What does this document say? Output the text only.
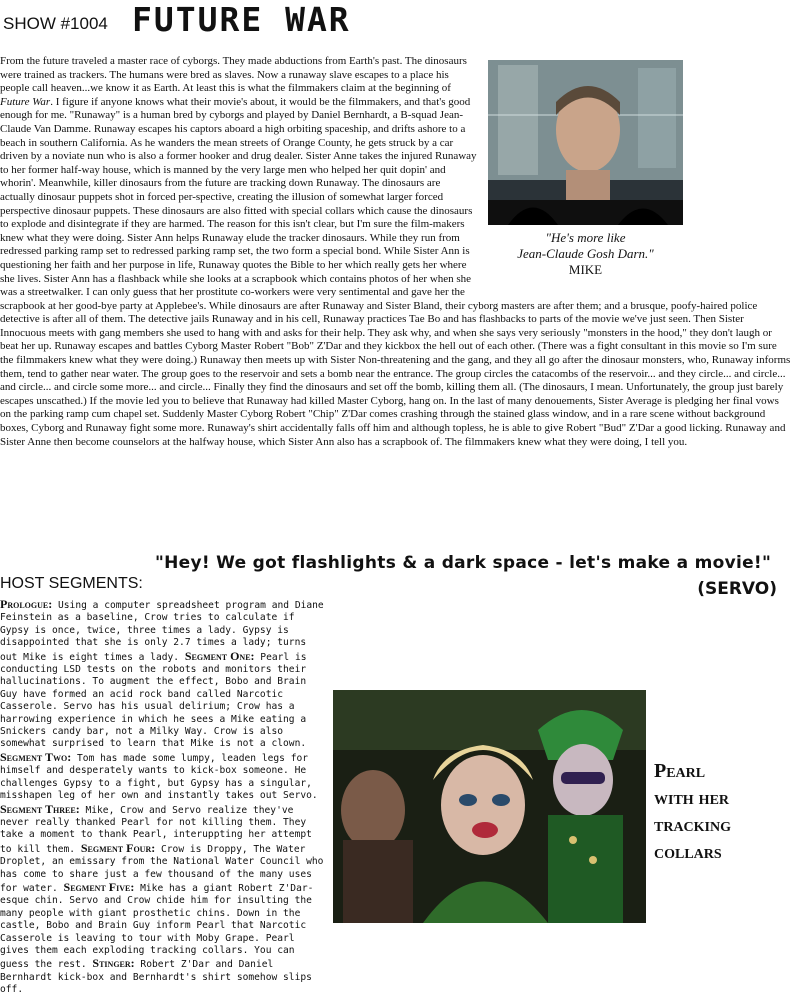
SHOW #1004 FUTURE WAR
From the future traveled a master race of cyborgs. They made abductions from Earth's past. The dinosaurs were trained as trackers. The humans were bred as slaves. Now a runaway slave escapes to a place his people call heaven...we know it as Earth. At least this is what the filmmakers claim at the beginning of Future War. I figure if anyone knows what their movie's about, it would be the filmmakers, and that's good enough for me. "Runaway" is a human bred by cyborgs and played by Daniel Bernhardt, a B-squad Jean-Claude Van Damme. Runaway escapes his captors aboard a high orbiting spaceship, and drifts ashore to a beach in southern California. As he wanders the mean streets of Orange County, he gets struck by a car driven by a noviate nun who is also a former hooker and drug dealer. Sister Anne takes the injured Runaway to her former half-way house, which is manned by the very large men who helped her quit dopin' and whorin'. Meanwhile, killer dinosaurs from the future are tracking down Runaway. The dinosaurs are actually dinosaur puppets shot in forced per-spective, creating the illusion of somewhat larger forced perspective dinosaur puppets. These dinosaurs are also fitted with special collars which cause the dinosaurs to explode and disintegrate if they are harmed. The reason for this isn't clear, but I'm sure the film-makers knew what they were doing. Sister Ann helps Runaway elude the tracker dinosaurs. While they run from redressed parking ramp set to redressed parking ramp set, the two form a special bond. While Sister Ann is questioning her faith and her purpose in life, Runaway quotes the Bible to her which really gets her where she lives. Sister Ann has a flashback while she looks at a scrapbook which contains photos of her when she was a streetwalker. I can only guess that her prostitute co-workers were very sentimental and gave her the scrapbook at her good-bye party at Applebee's. While dinosaurs are after Runaway and Sister Bland, their cyborg masters are after them; and a brusque, poofy-haired police detective is after all of them. The detective jails Runaway and in his cell, Runaway practices Tae Bo and has flashbacks to parts of the movie we've just seen. Then Sister Innocuous meets with gang members she used to hang with and asks for their help. They ask why, and when she says very seriously "monsters in the hood," they don't laugh or beat her up. Runaway escapes and battles Cyborg Master Robert "Bob" Z'Dar and they kickbox the hell out of each other. (There was a fight consultant in this movie so I'm sure the filmmakers knew what they were doing.) Runaway then meets up with Sister Non-threatening and the gang, and they all go after the dinosaur monsters, who, Runaway informs them, tend to gather near water. The group goes to the reservoir and sets a bomb near the entrance. The group circles the catacombs of the reservoir... and they circle... and circle... and circle... and circle some more... and circle... Finally they find the dinosaurs and set off the bomb, killing them all. (The dinosaurs, I mean. Unfortunately, the group just barely escapes unscathed.) If the movie led you to believe that Runaway had killed Master Cyborg, hang on. In the last of many denouements, Sister Average is pledging her final vows on the parking ramp cum chapel set. Suddenly Master Cyborg Robert "Chip" Z'Dar comes crashing through the stained glass window, and in a rare scene without background boxes, Cyborg and Runaway fight some more. Runaway's shirt accidentally falls off him and although topless, he is able to give Robert "Bud" Z'Dar a good licking. Runaway and Sister Anne then become counselors at the halfway house, which Sister Ann also has a scrapbook of. The filmmakers knew what they were doing, I tell you.
"He's more like
Jean-Claude Gosh Darn."
MIKE
"Hey! We got flashlights & a dark space - let's make a movie!"
(SERVO)
HOST SEGMENTS:
Prologue: Using a computer spreadsheet program and Diane Feinstein as a baseline, Crow tries to calculate if Gypsy is once, twice, three times a lady. Gypsy is disappointed that she is only 2.7 times a lady; turns out Mike is eight times a lady. Segment One: Pearl is conducting LSD tests on the robots and monitors their hallucinations. To augment the effect, Bobo and Brain Guy have formed an acid rock band called Narcotic Casserole. Servo has his usual delirium; Crow has a harrowing experience in which he sees a Mike eating a Snickers candy bar, not a Milky Way. Crow is also somewhat surprised to learn that Mike is not a clown. Segment Two: Tom has made some lumpy, leaden legs for himself and desperately wants to kick-box someone. He challenges Gypsy to a fight, but Gypsy has a singular, misshapen leg of her own and instantly takes out Servo. Segment Three: Mike, Crow and Servo realize they've never really thanked Pearl for not killing them. They take a moment to thank Pearl, interuppting her attempt to kill them. Segment Four: Crow is Droppy, The Water Droplet, an emissary from the National Water Council who has come to share just a few thousand of the many uses for water. Segment Five: Mike has a giant Robert Z'Dar-esque chin. Servo and Crow chide him for insulting the many people with giant prosthetic chins. Down in the castle, Bobo and Brain Guy inform Pearl that Narcotic Casserole is leaving to tour with Moby Grape. Pearl gives them each exploding tracking collars. You can guess the rest. Stinger: Robert Z'Dar and Daniel Bernhardt kick-box and Bernhardt's shirt somehow slips off.
Pearl
with her
tracking
collars
